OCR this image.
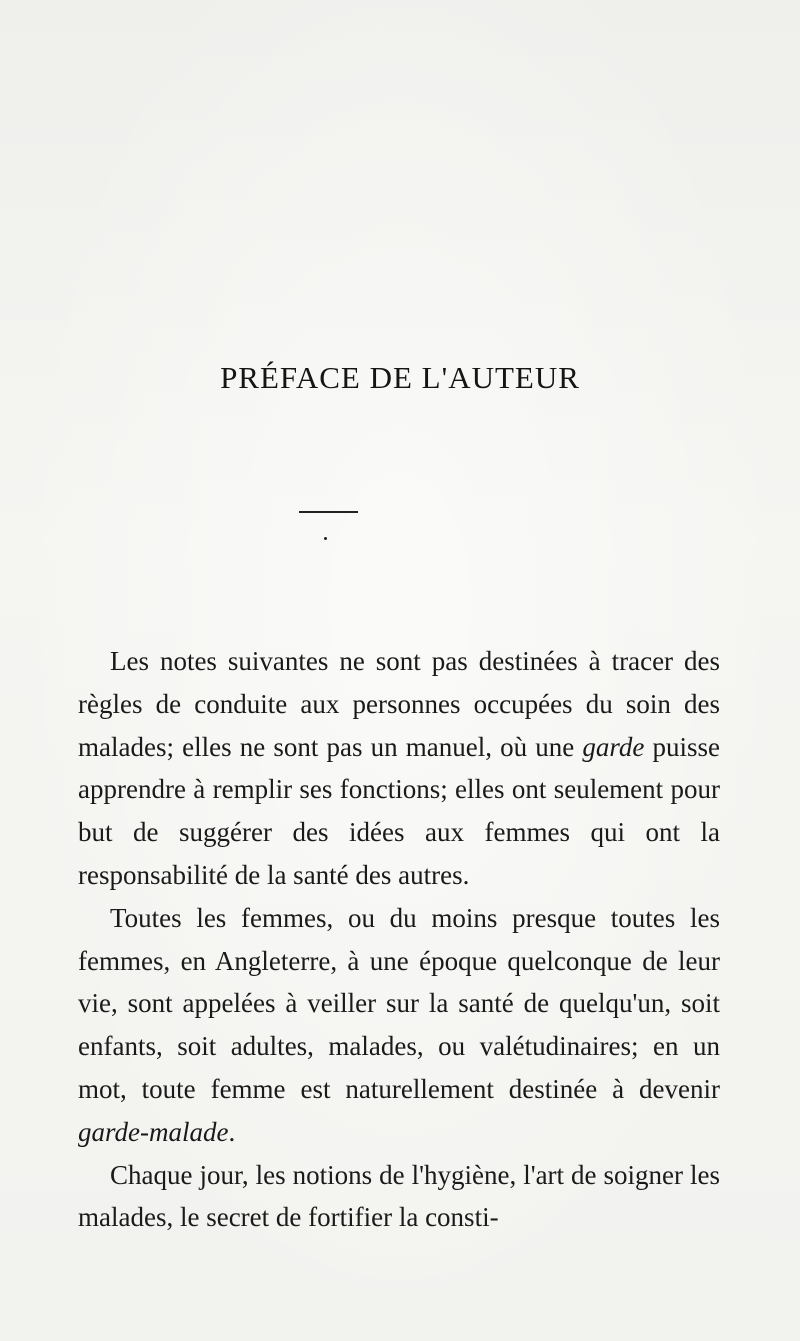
PRÉFACE DE L'AUTEUR

Les notes suivantes ne sont pas destinées à tracer des règles de conduite aux personnes occupées du soin des malades; elles ne sont pas un manuel, où une garde puisse apprendre à remplir ses fonctions; elles ont seulement pour but de suggérer des idées aux femmes qui ont la responsabilité de la santé des autres.

Toutes les femmes, ou du moins presque toutes les femmes, en Angleterre, à une époque quelconque de leur vie, sont appelées à veiller sur la santé de quelqu'un, soit enfants, soit adultes, malades, ou valétudinaires; en un mot, toute femme est naturellement destinée à devenir garde-malade.

Chaque jour, les notions de l'hygiène, l'art de soigner les malades, le secret de fortifier la consti-
